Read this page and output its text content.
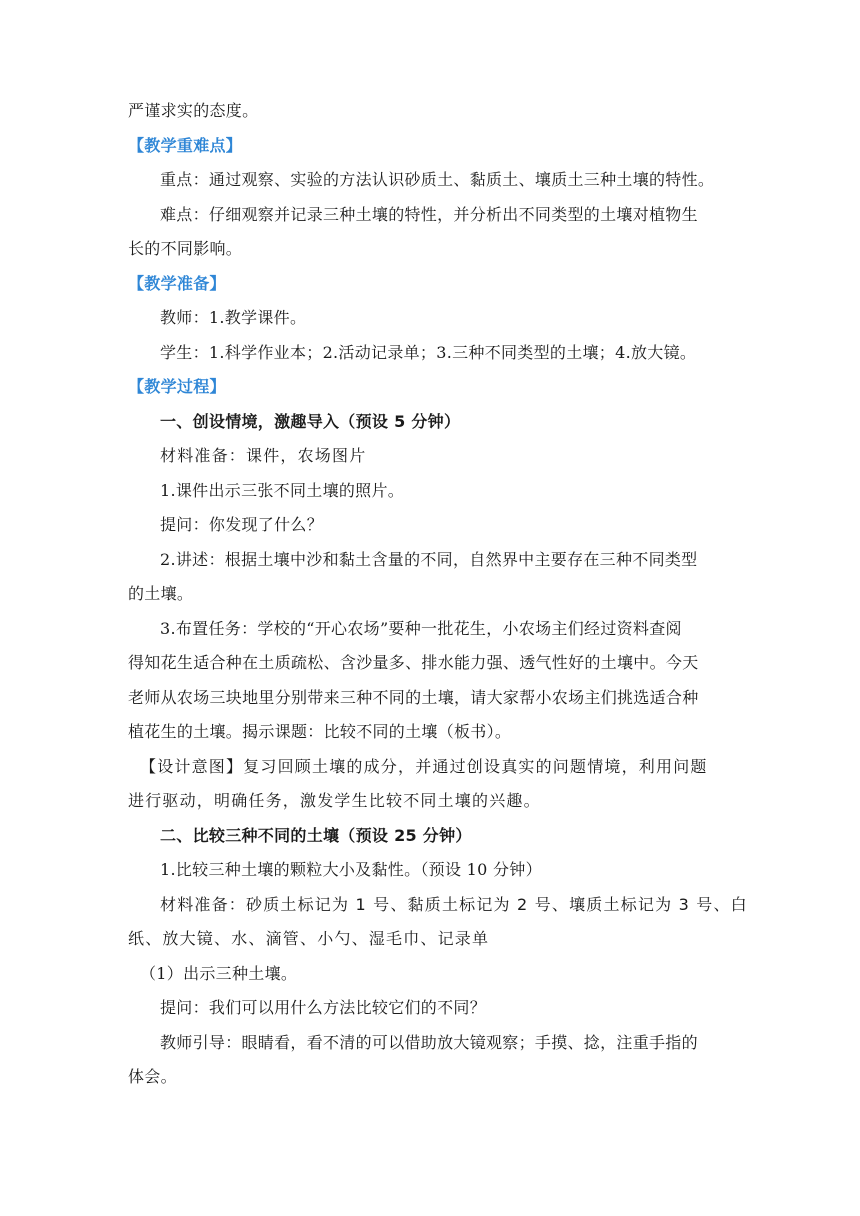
严谨求实的态度。
【教学重难点】
重点：通过观察、实验的方法认识砂质土、黏质土、壤质土三种土壤的特性。
难点：仔细观察并记录三种土壤的特性，并分析出不同类型的土壤对植物生
长的不同影响。
【教学准备】
教师：1.教学课件。
学生：1.科学作业本；2.活动记录单；3.三种不同类型的土壤；4.放大镜。
【教学过程】
一、创设情境，激趣导入（预设 5 分钟）
材料准备：课件，农场图片
1.课件出示三张不同土壤的照片。
提问：你发现了什么？
2.讲述：根据土壤中沙和黏土含量的不同，自然界中主要存在三种不同类型
的土壤。
3.布置任务：学校的“开心农场”要种一批花生，小农场主们经过资料查阅
得知花生适合种在土质疏松、含沙量多、排水能力强、透气性好的土壤中。今天
老师从农场三块地里分别带来三种不同的土壤，请大家帮小农场主们挑选适合种
植花生的土壤。揭示课题：比较不同的土壤（板书）。
【设计意图】复习回顾土壤的成分，并通过创设真实的问题情境，利用问题
进行驱动，明确任务，激发学生比较不同土壤的兴趣。
二、比较三种不同的土壤（预设 25 分钟）
1.比较三种土壤的颗粒大小及黏性。（预设 10 分钟）
材料准备：砂质土标记为 1 号、黏质土标记为 2 号、壤质土标记为 3 号、白
纸、放大镜、水、滴管、小勺、湿毛巾、记录单
（1）出示三种土壤。
提问：我们可以用什么方法比较它们的不同？
教师引导：眼睛看，看不清的可以借助放大镜观察；手摸、捻，注重手指的
体会。
